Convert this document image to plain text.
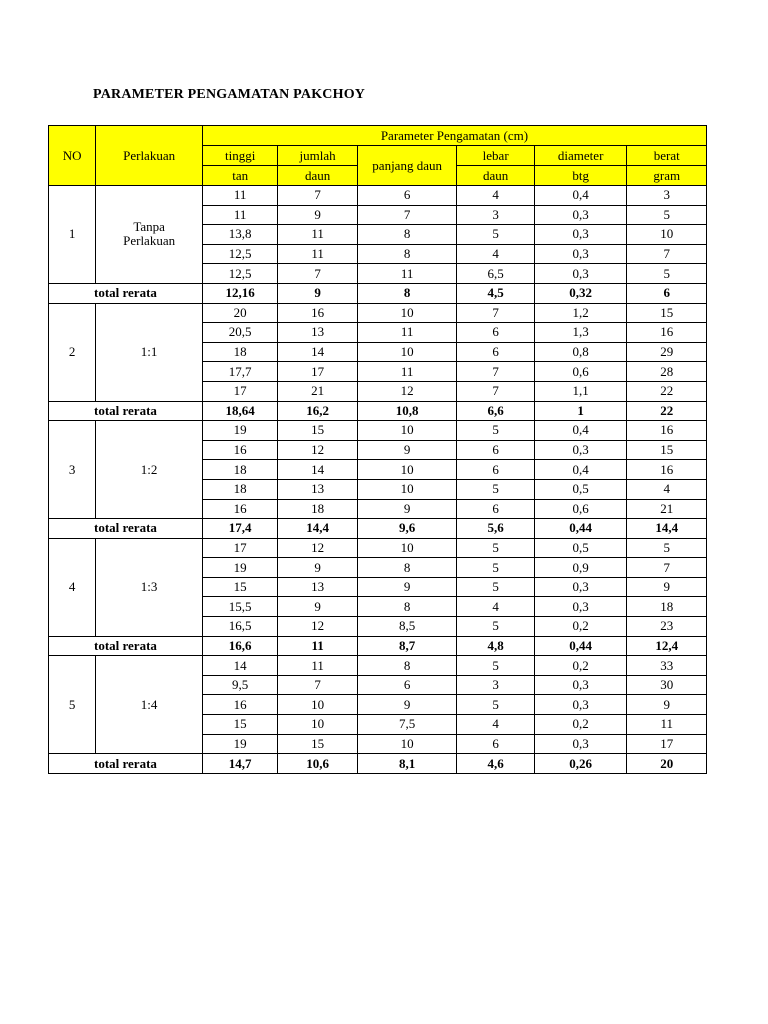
PARAMETER PENGAMATAN PAKCHOY
NO	Perlakuan	Parameter Pengamatan (cm)					
		tinggi	jumlah	panjang daun	lebar	diameter	berat
		tan	daun		daun	btg	gram
1	Tanpa Perlakuan	11	7	6	4	0,4	3
		11	9	7	3	0,3	5
		13,8	11	8	5	0,3	10
		12,5	11	8	4	0,3	7
		12,5	7	11	6,5	0,3	5
total rerata		12,16	9	8	4,5	0,32	6
2	1:1	20	16	10	7	1,2	15
		20,5	13	11	6	1,3	16
		18	14	10	6	0,8	29
		17,7	17	11	7	0,6	28
		17	21	12	7	1,1	22
total rerata		18,64	16,2	10,8	6,6	1	22
3	1:2	19	15	10	5	0,4	16
		16	12	9	6	0,3	15
		18	14	10	6	0,4	16
		18	13	10	5	0,5	4
		16	18	9	6	0,6	21
total rerata		17,4	14,4	9,6	5,6	0,44	14,4
4	1:3	17	12	10	5	0,5	5
		19	9	8	5	0,9	7
		15	13	9	5	0,3	9
		15,5	9	8	4	0,3	18
		16,5	12	8,5	5	0,2	23
total rerata		16,6	11	8,7	4,8	0,44	12,4
5	1:4	14	11	8	5	0,2	33
		9,5	7	6	3	0,3	30
		16	10	9	5	0,3	9
		15	10	7,5	4	0,2	11
		19	15	10	6	0,3	17
total rerata		14,7	10,6	8,1	4,6	0,26	20
